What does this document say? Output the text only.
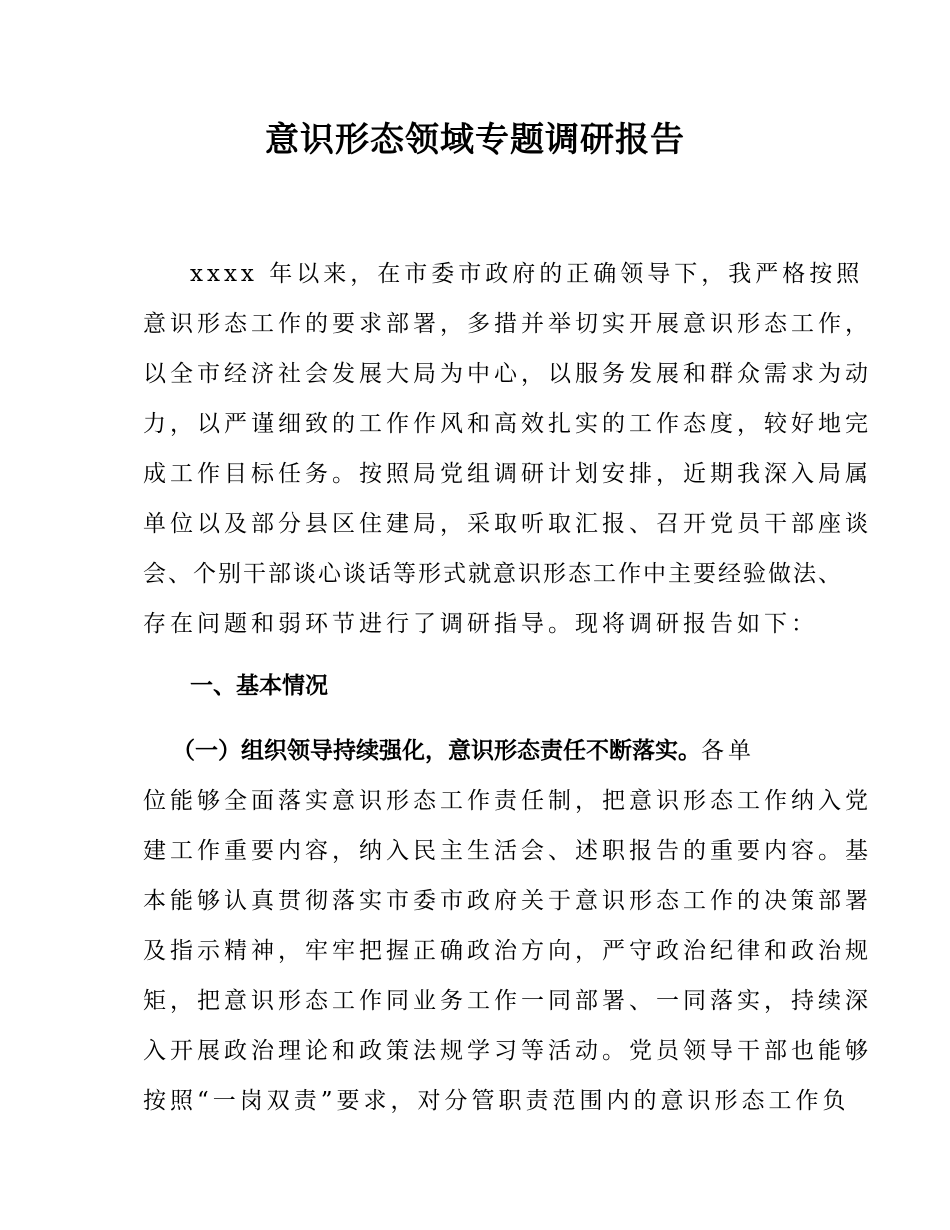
意识形态领域专题调研报告

xxxx 年以来，在市委市政府的正确领导下，我严格按照

意识形态工作的要求部署，多措并举切实开展意识形态工作，

以全市经济社会发展大局为中心，以服务发展和群众需求为动

力，以严谨细致的工作作风和高效扎实的工作态度，较好地完

成工作目标任务。按照局党组调研计划安排，近期我深入局属

单位以及部分县区住建局，采取听取汇报、召开党员干部座谈

会、个别干部谈心谈话等形式就意识形态工作中主要经验做法、

存在问题和弱环节进行了调研指导。现将调研报告如下：

一、基本情况

（一）组织领导持续强化，意识形态责任不断落实。各单

位能够全面落实意识形态工作责任制，把意识形态工作纳入党

建工作重要内容，纳入民主生活会、述职报告的重要内容。基

本能够认真贯彻落实市委市政府关于意识形态工作的决策部署

及指示精神，牢牢把握正确政治方向，严守政治纪律和政治规

矩，把意识形态工作同业务工作一同部署、一同落实，持续深

入开展政治理论和政策法规学习等活动。党员领导干部也能够

按照“一岗双责”要求，对分管职责范围内的意识形态工作负
